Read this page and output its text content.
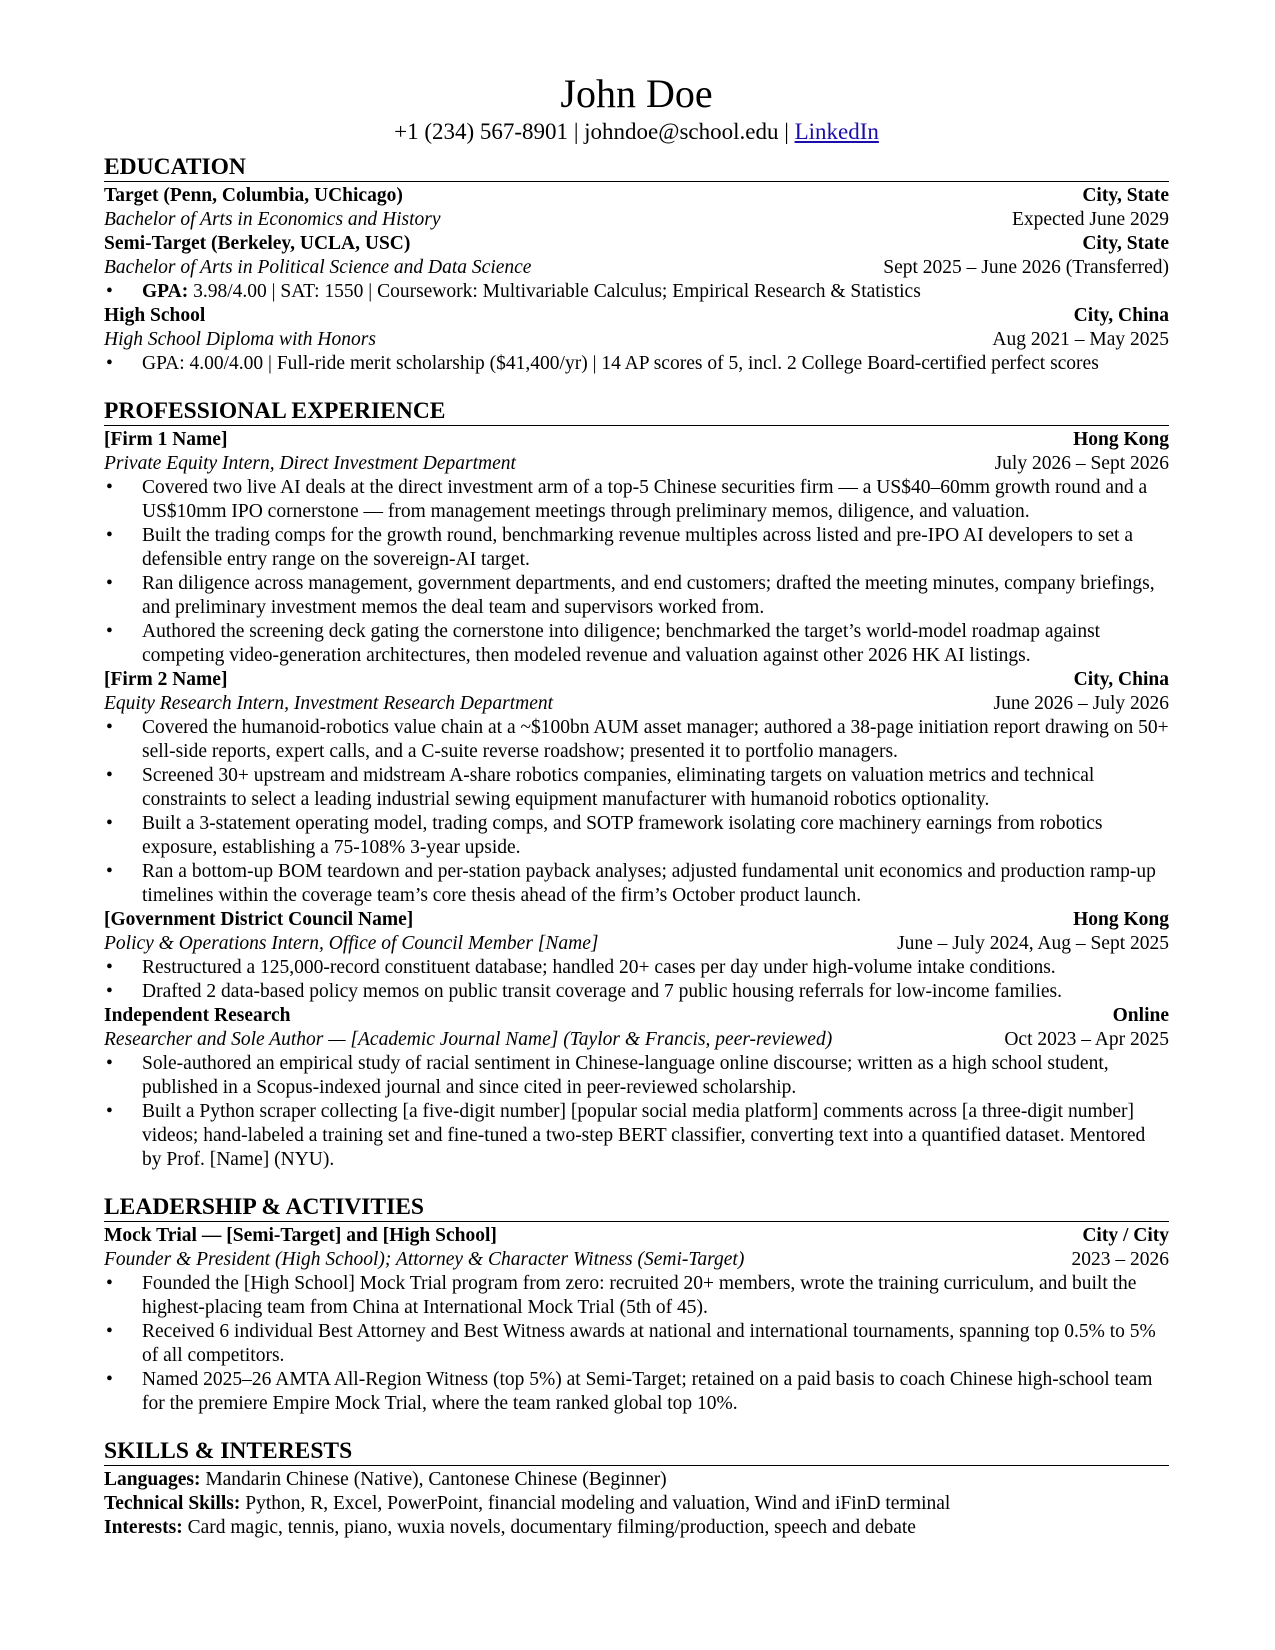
John Doe
+1 (234) 567-8901 | johndoe@school.edu | LinkedIn
EDUCATION
Target (Penn, Columbia, UChicago)	City, State
Bachelor of Arts in Economics and History	Expected June 2029
Semi-Target (Berkeley, UCLA, USC)	City, State
Bachelor of Arts in Political Science and Data Science	Sept 2025 – June 2026 (Transferred)
• GPA: 3.98/4.00 | SAT: 1550 | Coursework: Multivariable Calculus; Empirical Research & Statistics
High School	City, China
High School Diploma with Honors	Aug 2021 – May 2025
• GPA: 4.00/4.00 | Full-ride merit scholarship ($41,400/yr) | 14 AP scores of 5, incl. 2 College Board-certified perfect scores
PROFESSIONAL EXPERIENCE
[Firm 1 Name]	Hong Kong
Private Equity Intern, Direct Investment Department	July 2026 – Sept 2026
• Covered two live AI deals at the direct investment arm of a top-5 Chinese securities firm — a US$40–60mm growth round and a US$10mm IPO cornerstone — from management meetings through preliminary memos, diligence, and valuation.
• Built the trading comps for the growth round, benchmarking revenue multiples across listed and pre-IPO AI developers to set a defensible entry range on the sovereign-AI target.
• Ran diligence across management, government departments, and end customers; drafted the meeting minutes, company briefings, and preliminary investment memos the deal team and supervisors worked from.
• Authored the screening deck gating the cornerstone into diligence; benchmarked the target’s world-model roadmap against competing video-generation architectures, then modeled revenue and valuation against other 2026 HK AI listings.
[Firm 2 Name]	City, China
Equity Research Intern, Investment Research Department	June 2026 – July 2026
• Covered the humanoid-robotics value chain at a ~$100bn AUM asset manager; authored a 38-page initiation report drawing on 50+ sell-side reports, expert calls, and a C-suite reverse roadshow; presented it to portfolio managers.
• Screened 30+ upstream and midstream A-share robotics companies, eliminating targets on valuation metrics and technical constraints to select a leading industrial sewing equipment manufacturer with humanoid robotics optionality.
• Built a 3-statement operating model, trading comps, and SOTP framework isolating core machinery earnings from robotics exposure, establishing a 75-108% 3-year upside.
• Ran a bottom-up BOM teardown and per-station payback analyses; adjusted fundamental unit economics and production ramp-up timelines within the coverage team’s core thesis ahead of the firm’s October product launch.
[Government District Council Name]	Hong Kong
Policy & Operations Intern, Office of Council Member [Name]	June – July 2024, Aug – Sept 2025
• Restructured a 125,000-record constituent database; handled 20+ cases per day under high-volume intake conditions.
• Drafted 2 data-based policy memos on public transit coverage and 7 public housing referrals for low-income families.
Independent Research	Online
Researcher and Sole Author — [Academic Journal Name] (Taylor & Francis, peer-reviewed)	Oct 2023 – Apr 2025
• Sole-authored an empirical study of racial sentiment in Chinese-language online discourse; written as a high school student, published in a Scopus-indexed journal and since cited in peer-reviewed scholarship.
• Built a Python scraper collecting [a five-digit number] [popular social media platform] comments across [a three-digit number] videos; hand-labeled a training set and fine-tuned a two-step BERT classifier, converting text into a quantified dataset. Mentored by Prof. [Name] (NYU).
LEADERSHIP & ACTIVITIES
Mock Trial — [Semi-Target] and [High School]	City / City
Founder & President (High School); Attorney & Character Witness (Semi-Target)	2023 – 2026
• Founded the [High School] Mock Trial program from zero: recruited 20+ members, wrote the training curriculum, and built the highest-placing team from China at International Mock Trial (5th of 45).
• Received 6 individual Best Attorney and Best Witness awards at national and international tournaments, spanning top 0.5% to 5% of all competitors.
• Named 2025–26 AMTA All-Region Witness (top 5%) at Semi-Target; retained on a paid basis to coach Chinese high-school team for the premiere Empire Mock Trial, where the team ranked global top 10%.
SKILLS & INTERESTS
Languages: Mandarin Chinese (Native), Cantonese Chinese (Beginner)
Technical Skills: Python, R, Excel, PowerPoint, financial modeling and valuation, Wind and iFinD terminal
Interests: Card magic, tennis, piano, wuxia novels, documentary filming/production, speech and debate
